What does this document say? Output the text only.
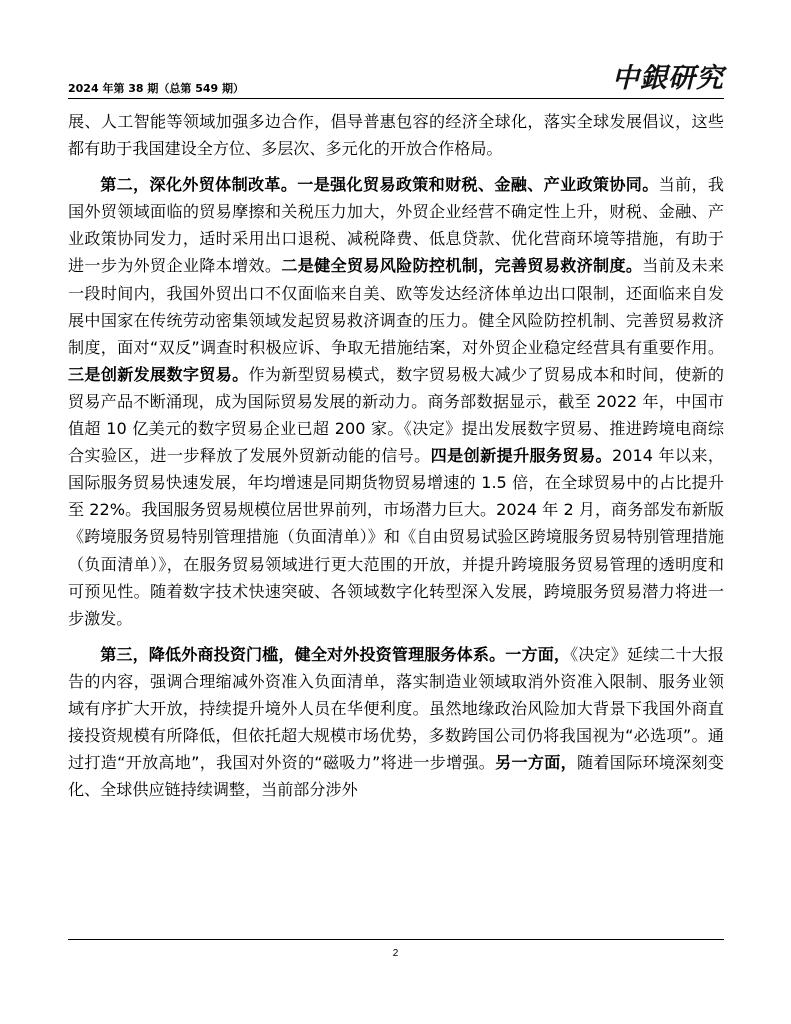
2024 年第 38 期（总第 549 期）	中銀研究

展、人工智能等领域加强多边合作，倡导普惠包容的经济全球化，落实全球发展倡议，这些都有助于我国建设全方位、多层次、多元化的开放合作格局。

第二，深化外贸体制改革。一是强化贸易政策和财税、金融、产业政策协同。当前，我国外贸领域面临的贸易摩擦和关税压力加大，外贸企业经营不确定性上升，财税、金融、产业政策协同发力，适时采用出口退税、减税降费、低息贷款、优化营商环境等措施，有助于进一步为外贸企业降本增效。二是健全贸易风险防控机制，完善贸易救济制度。当前及未来一段时间内，我国外贸出口不仅面临来自美、欧等发达经济体单边出口限制，还面临来自发展中国家在传统劳动密集领域发起贸易救济调查的压力。健全风险防控机制、完善贸易救济制度，面对“双反”调查时积极应诉、争取无措施结案，对外贸企业稳定经营具有重要作用。三是创新发展数字贸易。作为新型贸易模式，数字贸易极大减少了贸易成本和时间，使新的贸易产品不断涌现，成为国际贸易发展的新动力。商务部数据显示，截至 2022 年，中国市值超 10 亿美元的数字贸易企业已超 200 家。《决定》提出发展数字贸易、推进跨境电商综合实验区，进一步释放了发展外贸新动能的信号。四是创新提升服务贸易。2014 年以来，国际服务贸易快速发展，年均增速是同期货物贸易增速的 1.5 倍，在全球贸易中的占比提升至 22%。我国服务贸易规模位居世界前列，市场潜力巨大。2024 年 2 月，商务部发布新版《跨境服务贸易特别管理措施（负面清单）》和《自由贸易试验区跨境服务贸易特别管理措施（负面清单）》，在服务贸易领域进行更大范围的开放，并提升跨境服务贸易管理的透明度和可预见性。随着数字技术快速突破、各领域数字化转型深入发展，跨境服务贸易潜力将进一步激发。

第三，降低外商投资门槛，健全对外投资管理服务体系。一方面，《决定》延续二十大报告的内容，强调合理缩减外资准入负面清单，落实制造业领域取消外资准入限制、服务业领域有序扩大开放，持续提升境外人员在华便利度。虽然地缘政治风险加大背景下我国外商直接投资规模有所降低，但依托超大规模市场优势，多数跨国公司仍将我国视为“必选项”。通过打造“开放高地”，我国对外资的“磁吸力”将进一步增强。另一方面，随着国际环境深刻变化、全球供应链持续调整，当前部分涉外

2
